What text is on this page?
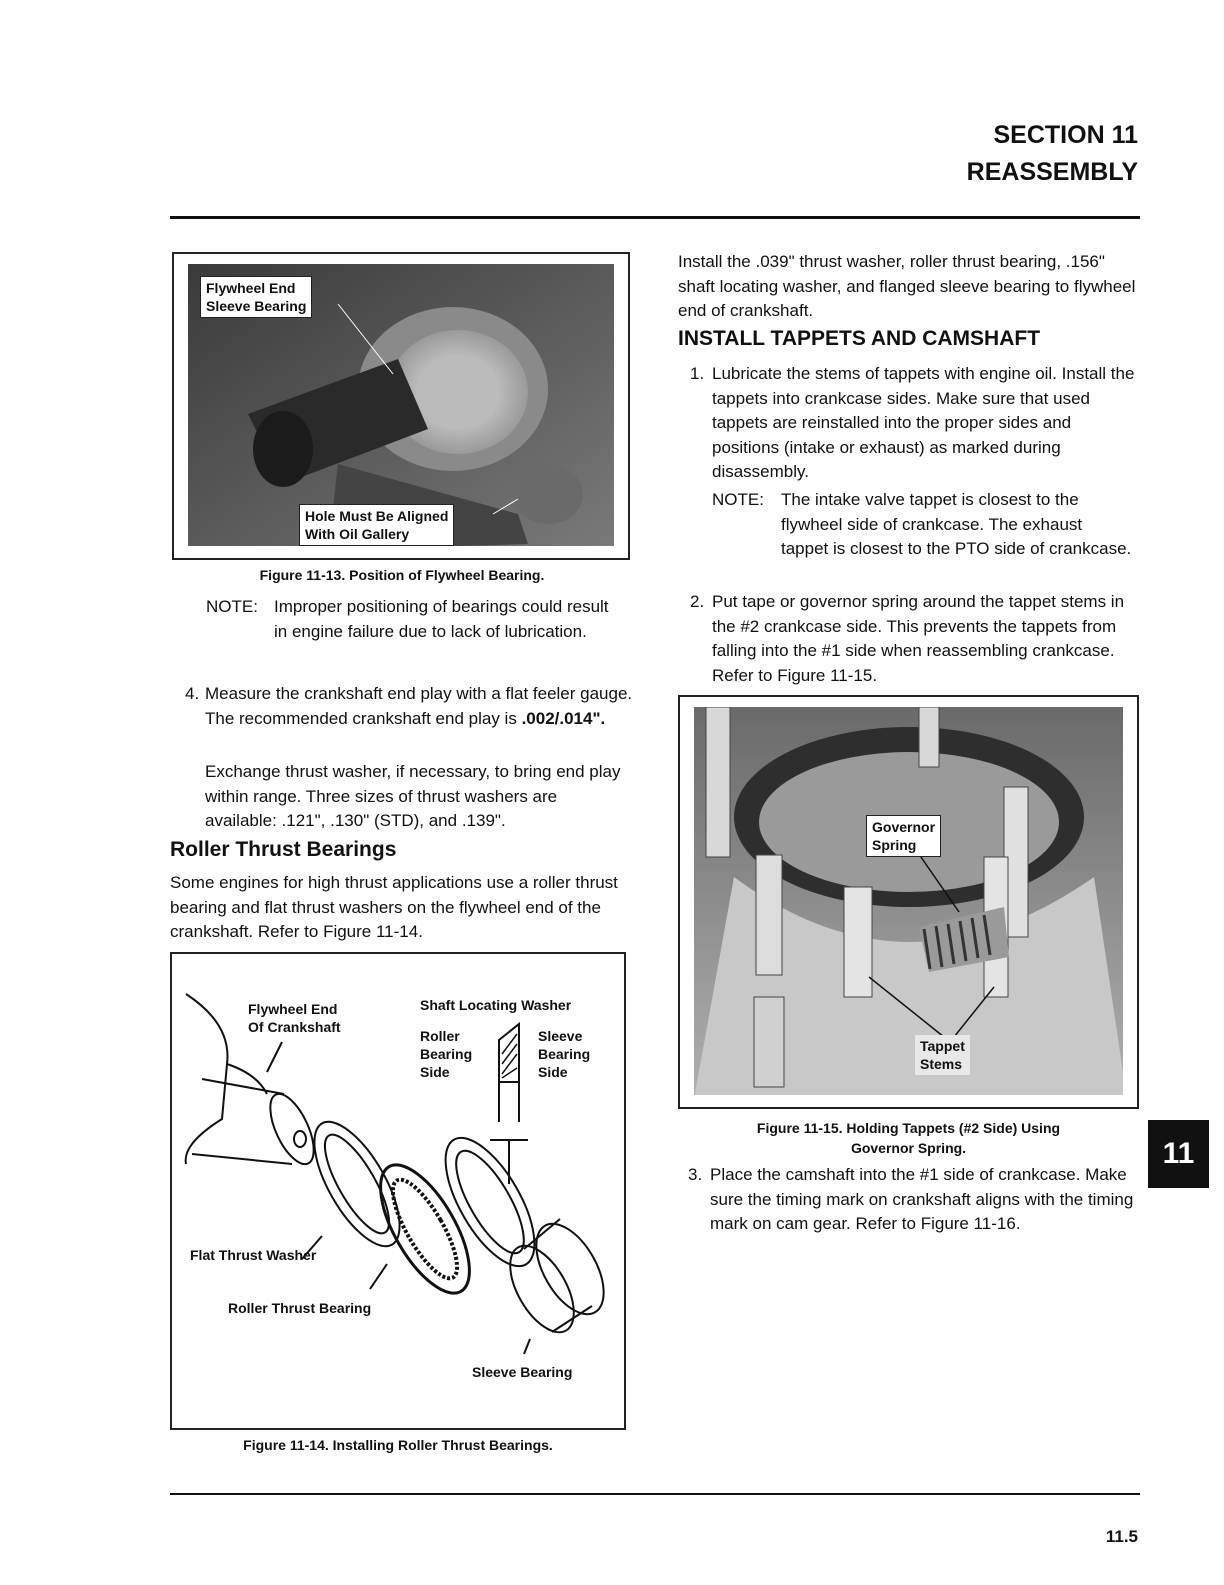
SECTION 11
REASSEMBLY
Flywheel End
Sleeve Bearing
Hole Must Be Aligned
With Oil Gallery
Figure 11-13. Position of Flywheel Bearing.
NOTE: Improper positioning of bearings could result in engine failure due to lack of lubrication.
4. Measure the crankshaft end play with a flat feeler gauge. The recommended crankshaft end play is .002/.014".
Exchange thrust washer, if necessary, to bring end play within range. Three sizes of thrust washers are available: .121", .130" (STD), and .139".
Roller Thrust Bearings
Some engines for high thrust applications use a roller thrust bearing and flat thrust washers on the flywheel end of the crankshaft. Refer to Figure 11-14.
Flywheel End
Of Crankshaft
Shaft Locating Washer
Roller
Bearing
Side
Sleeve
Bearing
Side
Flat Thrust Washer
Roller Thrust Bearing
Sleeve Bearing
Figure 11-14. Installing Roller Thrust Bearings.
Install the .039" thrust washer, roller thrust bearing, .156" shaft locating washer, and flanged sleeve bearing to flywheel end of crankshaft.
INSTALL TAPPETS AND CAMSHAFT
1. Lubricate the stems of tappets with engine oil. Install the tappets into crankcase sides. Make sure that used tappets are reinstalled into the proper sides and positions (intake or exhaust) as marked during disassembly.
NOTE: The intake valve tappet is closest to the flywheel side of crankcase. The exhaust tappet is closest to the PTO side of crankcase.
2. Put tape or governor spring around the tappet stems in the #2 crankcase side. This prevents the tappets from falling into the #1 side when reassembling crankcase. Refer to Figure 11-15.
Governor
Spring
Tappet
Stems
Figure 11-15. Holding Tappets (#2 Side) Using
Governor Spring.
3. Place the camshaft into the #1 side of crankcase. Make sure the timing mark on crankshaft aligns with the timing mark on cam gear. Refer to Figure 11-16.
11
11.5
